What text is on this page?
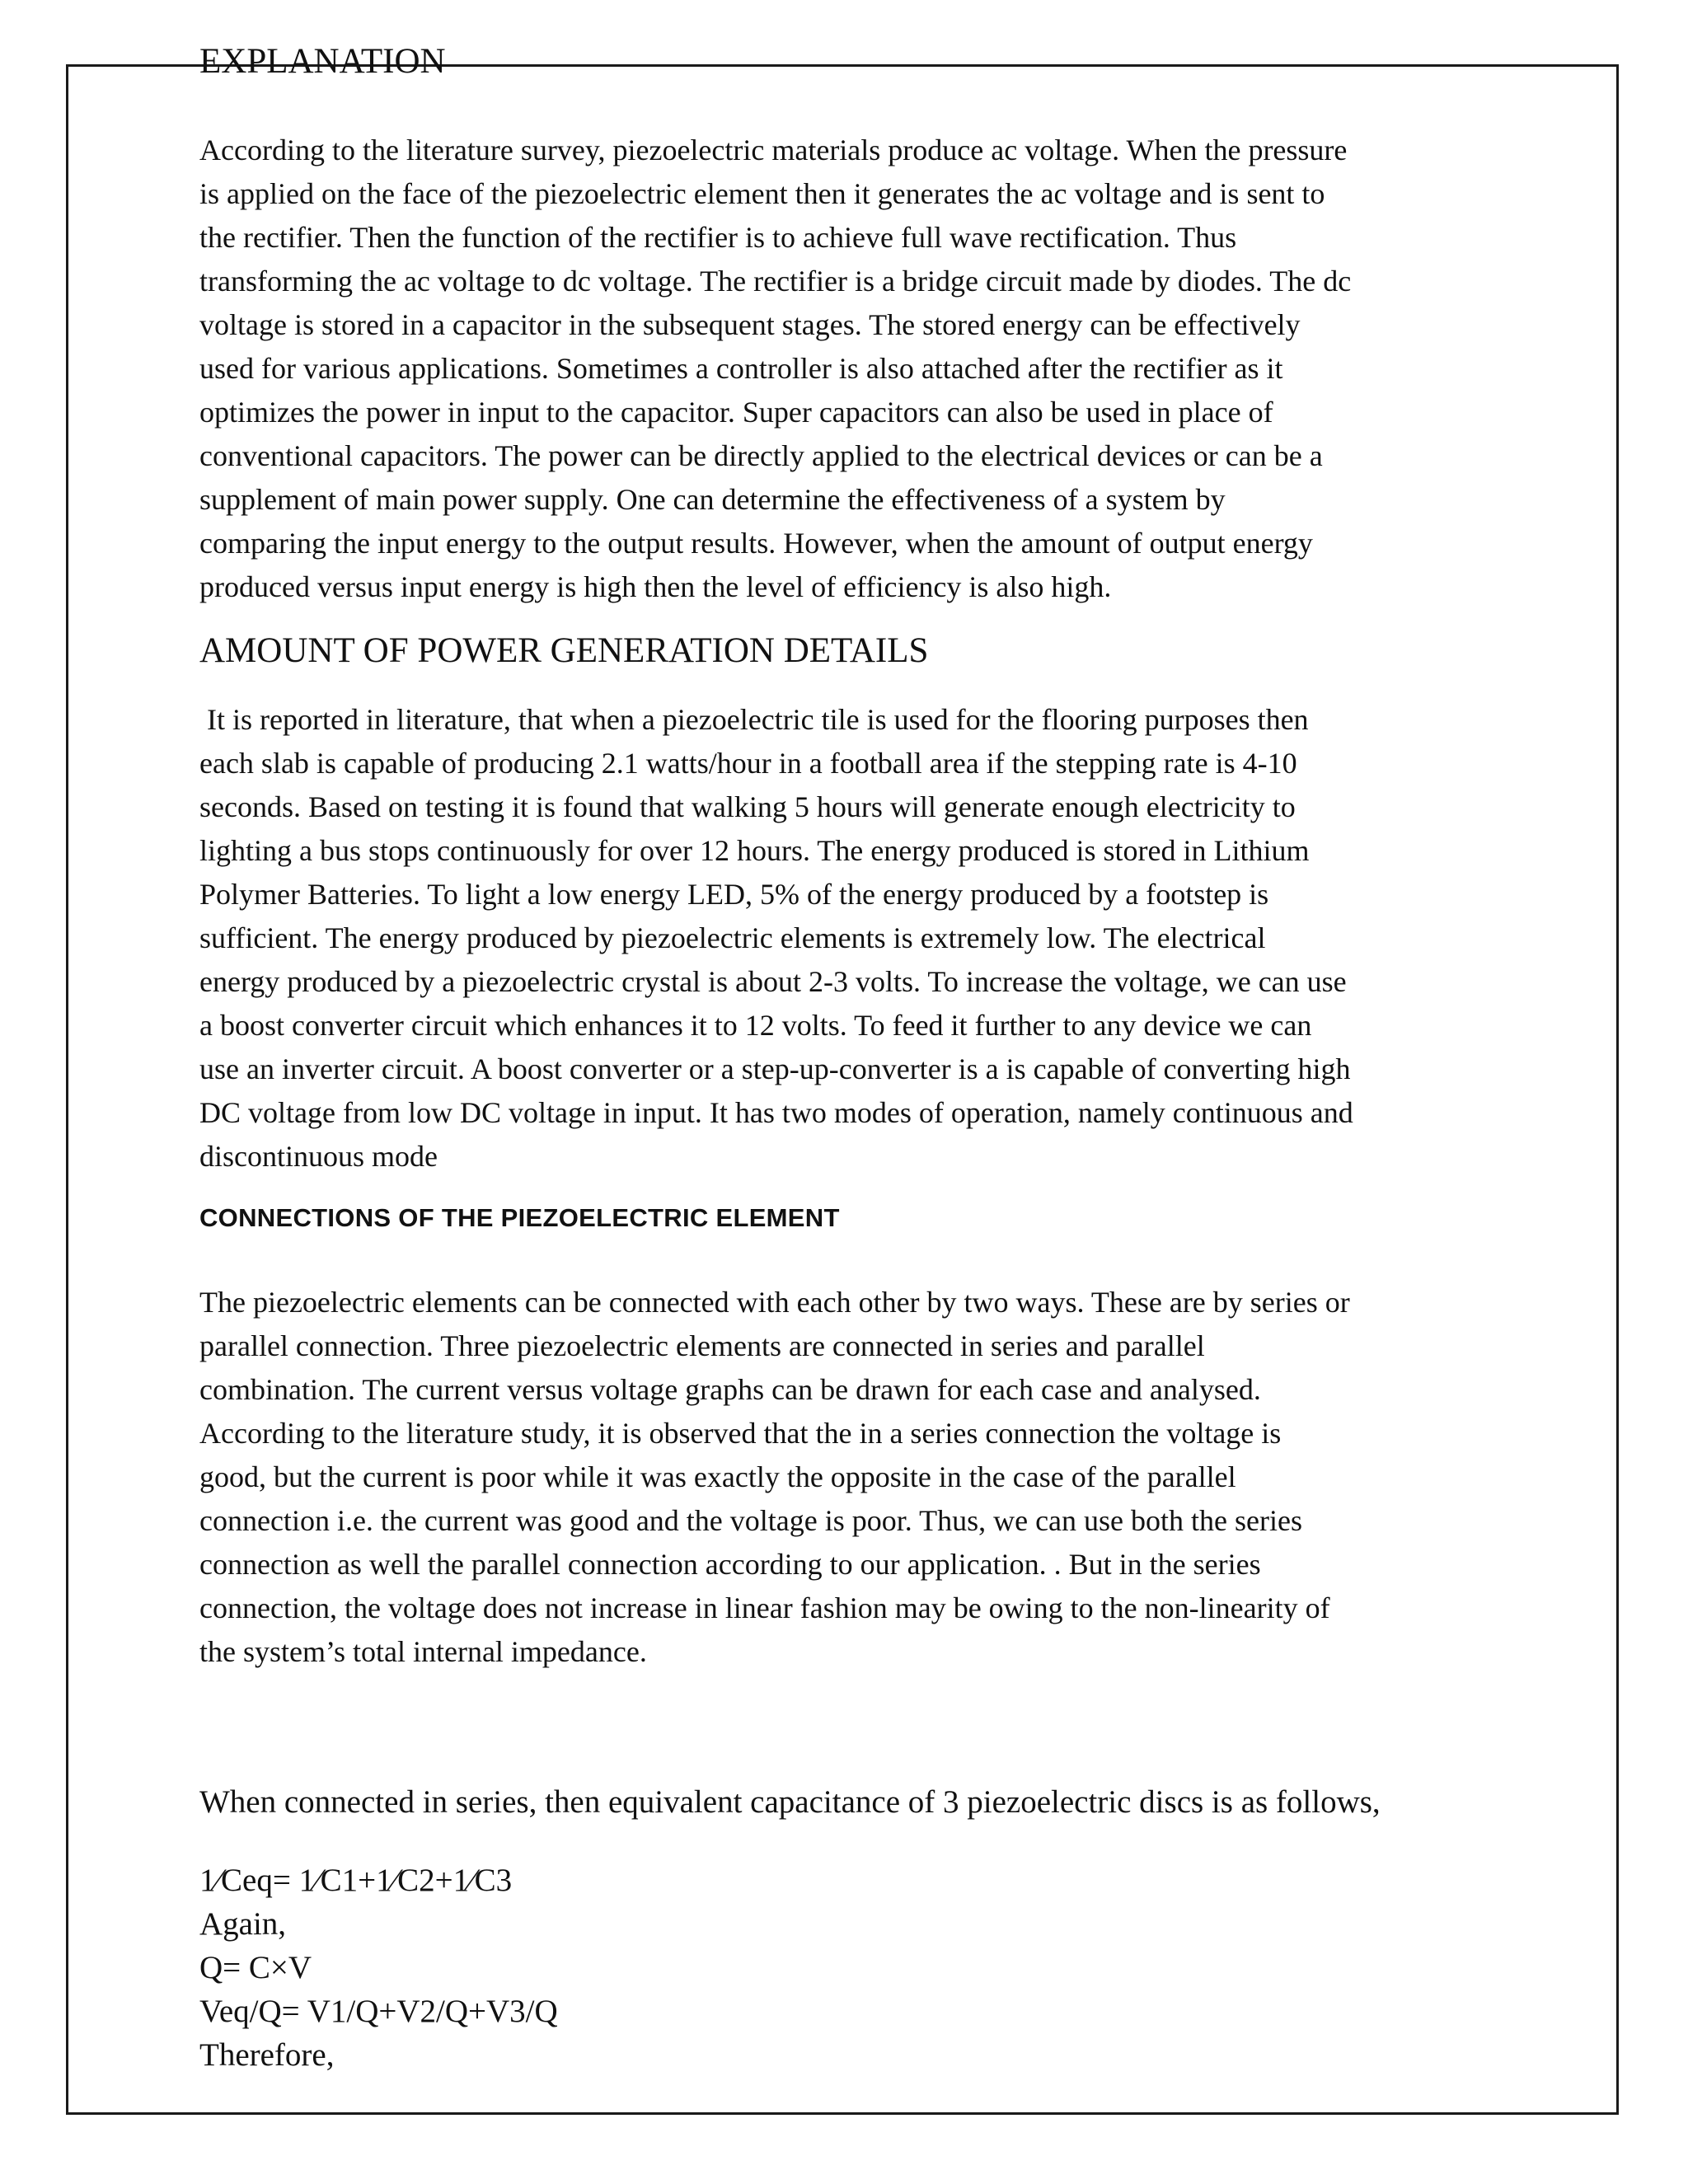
EXPLANATION

According to the literature survey, piezoelectric materials produce ac voltage. When the pressure
is applied on the face of the piezoelectric element then it generates the ac voltage and is sent to
the rectifier. Then the function of the rectifier is to achieve full wave rectification. Thus
transforming the ac voltage to dc voltage. The rectifier is a bridge circuit made by diodes. The dc
voltage is stored in a capacitor in the subsequent stages. The stored energy can be effectively
used for various applications. Sometimes a controller is also attached after the rectifier as it
optimizes the power in input to the capacitor. Super capacitors can also be used in place of
conventional capacitors. The power can be directly applied to the electrical devices or can be a
supplement of main power supply. One can determine the effectiveness of a system by
comparing the input energy to the output results. However, when the amount of output energy
produced versus input energy is high then the level of efficiency is also high.

AMOUNT OF POWER GENERATION DETAILS

It is reported in literature, that when a piezoelectric tile is used for the flooring purposes then
each slab is capable of producing 2.1 watts/hour in a football area if the stepping rate is 4-10
seconds. Based on testing it is found that walking 5 hours will generate enough electricity to
lighting a bus stops continuously for over 12 hours. The energy produced is stored in Lithium
Polymer Batteries. To light a low energy LED, 5% of the energy produced by a footstep is
sufficient. The energy produced by piezoelectric elements is extremely low. The electrical
energy produced by a piezoelectric crystal is about 2-3 volts. To increase the voltage, we can use
a boost converter circuit which enhances it to 12 volts. To feed it further to any device we can
use an inverter circuit. A boost converter or a step-up-converter is a is capable of converting high
DC voltage from low DC voltage in input. It has two modes of operation, namely continuous and
discontinuous mode

CONNECTIONS OF THE PIEZOELECTRIC ELEMENT

The piezoelectric elements can be connected with each other by two ways. These are by series or
parallel connection. Three piezoelectric elements are connected in series and parallel
combination. The current versus voltage graphs can be drawn for each case and analysed.
According to the literature study, it is observed that the in a series connection the voltage is
good, but the current is poor while it was exactly the opposite in the case of the parallel
connection i.e. the current was good and the voltage is poor. Thus, we can use both the series
connection as well the parallel connection according to our application. . But in the series
connection, the voltage does not increase in linear fashion may be owing to the non-linearity of
the system’s total internal impedance.

When connected in series, then equivalent capacitance of 3 piezoelectric discs is as follows,

1⁄Ceq= 1⁄C1+1⁄C2+1⁄C3
Again,
Q= C×V
Veq/Q= V1/Q+V2/Q+V3/Q
Therefore,
